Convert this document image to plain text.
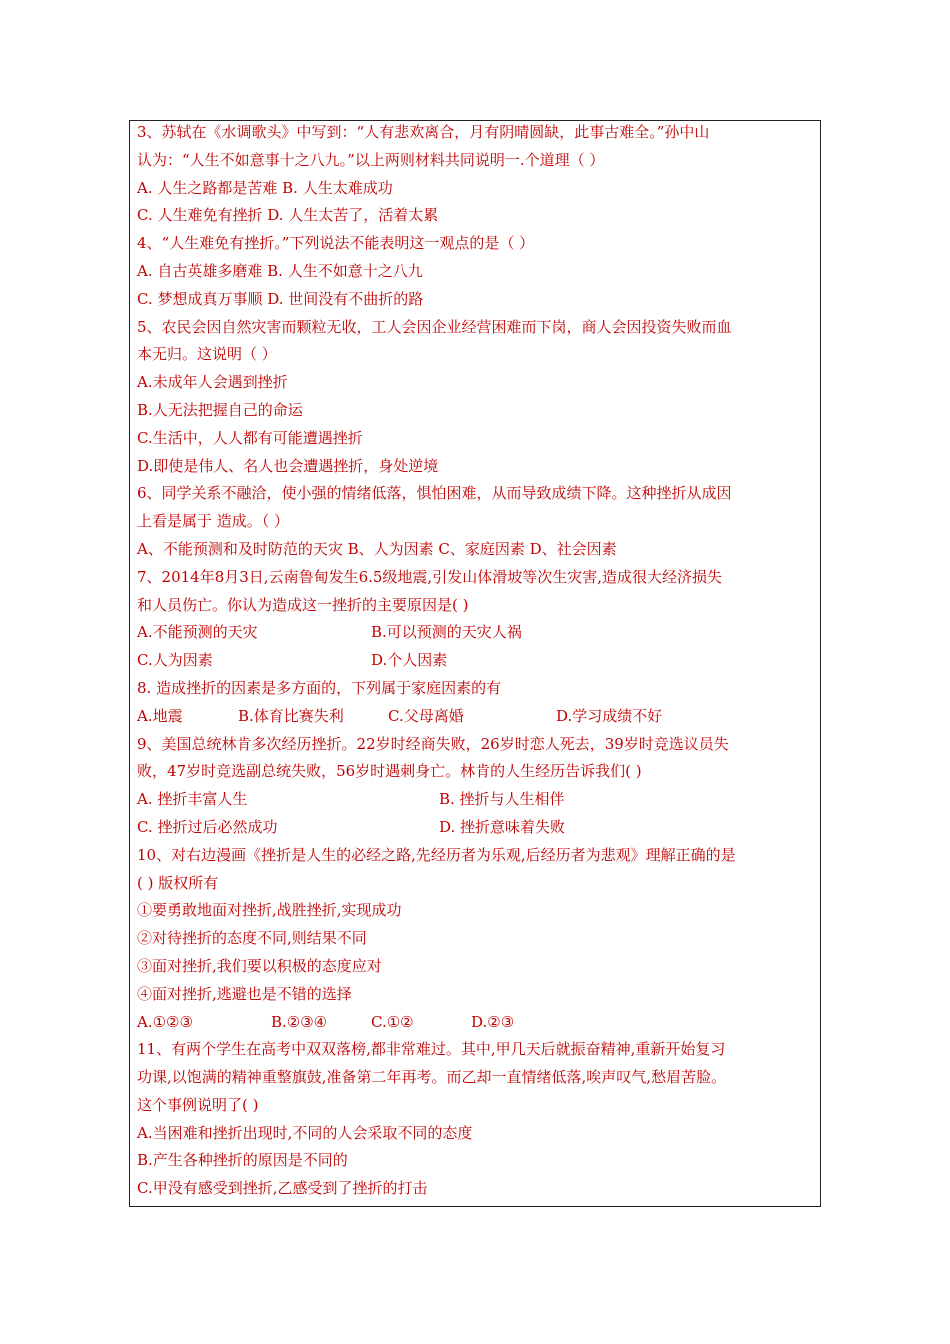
3、苏轼在《水调歌头》中写到：“人有悲欢离合，月有阴晴圆缺，此事古难全。”孙中山
认为：“人生不如意事十之八九。”以上两则材料共同说明一.个道理（ ）
A. 人生之路都是苦难 B. 人生太难成功
C. 人生难免有挫折 D. 人生太苦了，活着太累
4、“人生难免有挫折。”下列说法不能表明这一观点的是（ ）
A. 自古英雄多磨难 B. 人生不如意十之八九
C. 梦想成真万事顺 D. 世间没有不曲折的路
5、农民会因自然灾害而颗粒无收，工人会因企业经营困难而下岗，商人会因投资失败而血
本无归。这说明（ ）
A.未成年人会遇到挫折
B.人无法把握自己的命运
C.生活中，人人都有可能遭遇挫折
D.即使是伟人、名人也会遭遇挫折，身处逆境
6、同学关系不融洽，使小强的情绪低落，惧怕困难，从而导致成绩下降。这种挫折从成因
上看是属于 造成。（ ）
A、不能预测和及时防范的天灾 B、人为因素 C、家庭因素 D、社会因素
7、2014年8月3日,云南鲁甸发生6.5级地震,引发山体滑坡等次生灾害,造成很大经济损失
和人员伤亡。你认为造成这一挫折的主要原因是( )
A.不能预测的天灾	B.可以预测的天灾人祸
C.人为因素	D.个人因素
8. 造成挫折的因素是多方面的，下列属于家庭因素的有
A.地震	B.体育比赛失利	C.父母离婚	D.学习成绩不好
9、美国总统林肯多次经历挫折。22岁时经商失败，26岁时恋人死去，39岁时竞选议员失
败，47岁时竞选副总统失败，56岁时遇刺身亡。林肯的人生经历告诉我们( )
A. 挫折丰富人生	B. 挫折与人生相伴
C. 挫折过后必然成功	D. 挫折意味着失败
10、对右边漫画《挫折是人生的必经之路,先经历者为乐观,后经历者为悲观》理解正确的是
( ) 版权所有
①要勇敢地面对挫折,战胜挫折,实现成功
②对待挫折的态度不同,则结果不同
③面对挫折,我们要以积极的态度应对
④面对挫折,逃避也是不错的选择
A.①②③	B.②③④	C.①②	D.②③
11、有两个学生在高考中双双落榜,都非常难过。其中,甲几天后就振奋精神,重新开始复习
功课,以饱满的精神重整旗鼓,准备第二年再考。而乙却一直情绪低落,唉声叹气,愁眉苦脸。
这个事例说明了( )
A.当困难和挫折出现时,不同的人会采取不同的态度
B.产生各种挫折的原因是不同的
C.甲没有感受到挫折,乙感受到了挫折的打击
